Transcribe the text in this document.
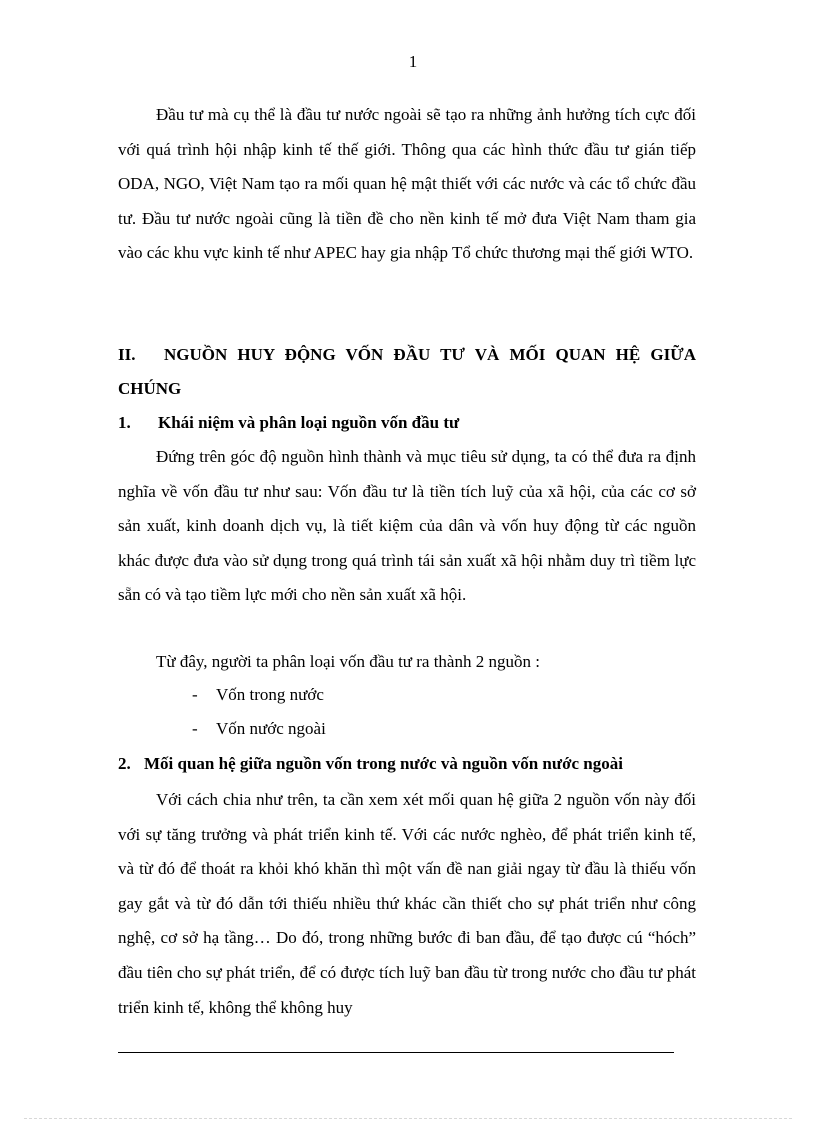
1

Đầu tư mà cụ thể là đầu tư nước ngoài sẽ tạo ra những ảnh hưởng tích cực đối với quá trình hội nhập kinh tế thế giới. Thông qua các hình thức đầu tư gián tiếp ODA, NGO, Việt Nam tạo ra mối quan hệ mật thiết với các nước và các tổ chức đầu tư. Đầu tư nước ngoài cũng là tiền đề cho nền kinh tế mở đưa Việt Nam tham gia vào các khu vực kinh tế như APEC hay gia nhập Tổ chức thương mại thế giới WTO.

II. NGUỒN HUY ĐỘNG VỐN ĐẦU TƯ VÀ MỐI QUAN HỆ GIỮA CHÚNG
1. Khái niệm và phân loại nguồn vốn đầu tư

Đứng trên góc độ nguồn hình thành và mục tiêu sử dụng, ta có thể đưa ra định nghĩa về vốn đầu tư như sau: Vốn đầu tư là tiền tích luỹ của xã hội, của các cơ sở sản xuất, kinh doanh dịch vụ, là tiết kiệm của dân và vốn huy động từ các nguồn khác được đưa vào sử dụng trong quá trình tái sản xuất xã hội nhằm duy trì tiềm lực sẵn có và tạo tiềm lực mới cho nền sản xuất xã hội.

Từ đây, người ta phân loại vốn đầu tư ra thành 2 nguồn :

- Vốn trong nước
- Vốn nước ngoài
2. Mối quan hệ giữa nguồn vốn trong nước và nguồn vốn nước ngoài

Với cách chia như trên, ta cần xem xét mối quan hệ giữa 2 nguồn vốn này đối với sự tăng trưởng và phát triển kinh tế. Với các nước nghèo, để phát triển kinh tế, và từ đó để thoát ra khỏi khó khăn thì một vấn đề nan giải ngay từ đầu là thiếu vốn gay gắt và từ đó dẫn tới thiếu nhiều thứ khác cần thiết cho sự phát triển như công nghệ, cơ sở hạ tầng… Do đó, trong những bước đi ban đầu, để tạo được cú “hóch” đầu tiên cho sự phát triển, để có được tích luỹ ban đầu từ trong nước cho đầu tư phát triển kinh tế, không thể không huy
